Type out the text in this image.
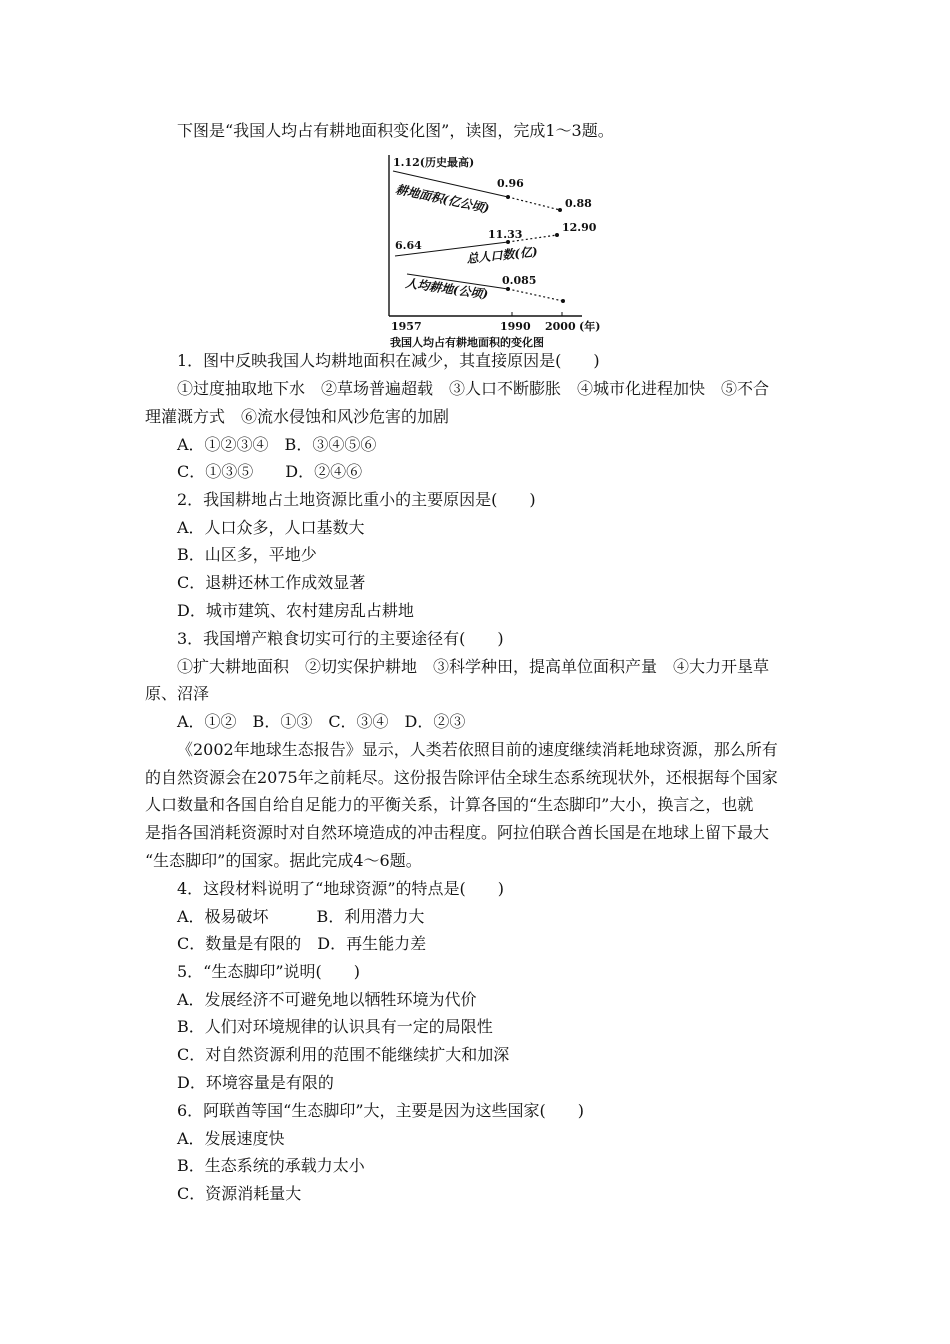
下图是“我国人均占有耕地面积变化图”，读图，完成1～3题。
1.12(历史最高)
0.96
0.88
耕地面积(亿公顷)
11.33
12.90
6.64	总人口数(亿)
0.085
人均耕地(公顷)
1957	1990 2000 (年)
我国人均占有耕地面积的变化图
1．图中反映我国人均耕地面积在减少，其直接原因是(　　)
①过度抽取地下水　②草场普遍超载　③人口不断膨胀　④城市化进程加快　⑤不合
理灌溉方式　⑥流水侵蚀和风沙危害的加剧
A．①②③④　B．③④⑤⑥
C．①③⑤　　D．②④⑥
2．我国耕地占土地资源比重小的主要原因是(　　)
A．人口众多，人口基数大
B．山区多，平地少
C．退耕还林工作成效显著
D．城市建筑、农村建房乱占耕地
3．我国增产粮食切实可行的主要途径有(　　)
①扩大耕地面积　②切实保护耕地　③科学种田，提高单位面积产量　④大力开垦草
原、沼泽
A．①②　B．①③　C．③④　D．②③
《2002年地球生态报告》显示，人类若依照目前的速度继续消耗地球资源，那么所有
的自然资源会在2075年之前耗尽。这份报告除评估全球生态系统现状外，还根据每个国家
人口数量和各国自给自足能力的平衡关系，计算各国的“生态脚印”大小，换言之，也就
是指各国消耗资源时对自然环境造成的冲击程度。阿拉伯联合酋长国是在地球上留下最大
“生态脚印”的国家。据此完成4～6题。
4．这段材料说明了“地球资源”的特点是(　　)
A．极易破坏　　　B．利用潜力大
C．数量是有限的　D．再生能力差
5．“生态脚印”说明(　　)
A．发展经济不可避免地以牺牲环境为代价
B．人们对环境规律的认识具有一定的局限性
C．对自然资源利用的范围不能继续扩大和加深
D．环境容量是有限的
6．阿联酋等国“生态脚印”大，主要是因为这些国家(　　)
A．发展速度快
B．生态系统的承载力太小
C．资源消耗量大
